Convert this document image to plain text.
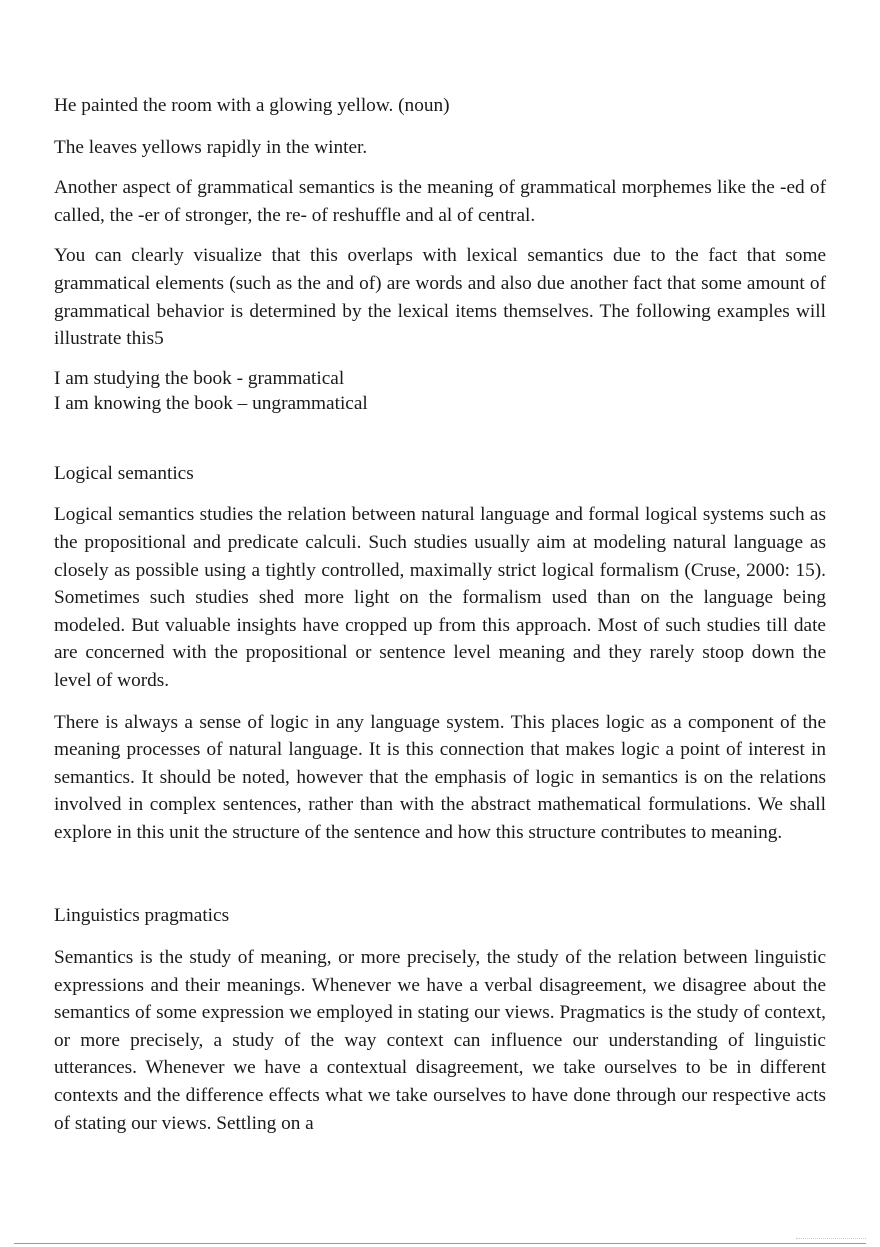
He painted the room with a glowing yellow. (noun)

The leaves yellows rapidly in the winter.

Another aspect of grammatical semantics is the meaning of grammatical morphemes like the -ed of called, the -er of stronger, the re- of reshuffle and al of central.

You can clearly visualize that this overlaps with lexical semantics due to the fact that some grammatical elements (such as the and of) are words and also due another fact that some amount of grammatical behavior is determined by the lexical items themselves. The following examples will illustrate this5

I am studying the book - grammatical

I am knowing the book – ungrammatical

Logical semantics

Logical semantics studies the relation between natural language and formal logical systems such as the propositional and predicate calculi. Such studies usually aim at modeling natural language as closely as possible using a tightly controlled, maximally strict logical formalism (Cruse, 2000: 15). Sometimes such studies shed more light on the formalism used than on the language being modeled. But valuable insights have cropped up from this approach. Most of such studies till date are concerned with the propositional or sentence level meaning and they rarely stoop down the level of words.

There is always a sense of logic in any language system. This places logic as a component of the meaning processes of natural language. It is this connection that makes logic a point of interest in semantics. It should be noted, however that the emphasis of logic in semantics is on the relations involved in complex sentences, rather than with the abstract mathematical formulations. We shall explore in this unit the structure of the sentence and how this structure contributes to meaning.

Linguistics pragmatics

Semantics is the study of meaning, or more precisely, the study of the relation between linguistic expressions and their meanings. Whenever we have a verbal disagreement, we disagree about the semantics of some expression we employed in stating our views. Pragmatics is the study of context, or more precisely, a study of the way context can influence our understanding of linguistic utterances. Whenever we have a contextual disagreement, we take ourselves to be in different contexts and the difference effects what we take ourselves to have done through our respective acts of stating our views. Settling on a
